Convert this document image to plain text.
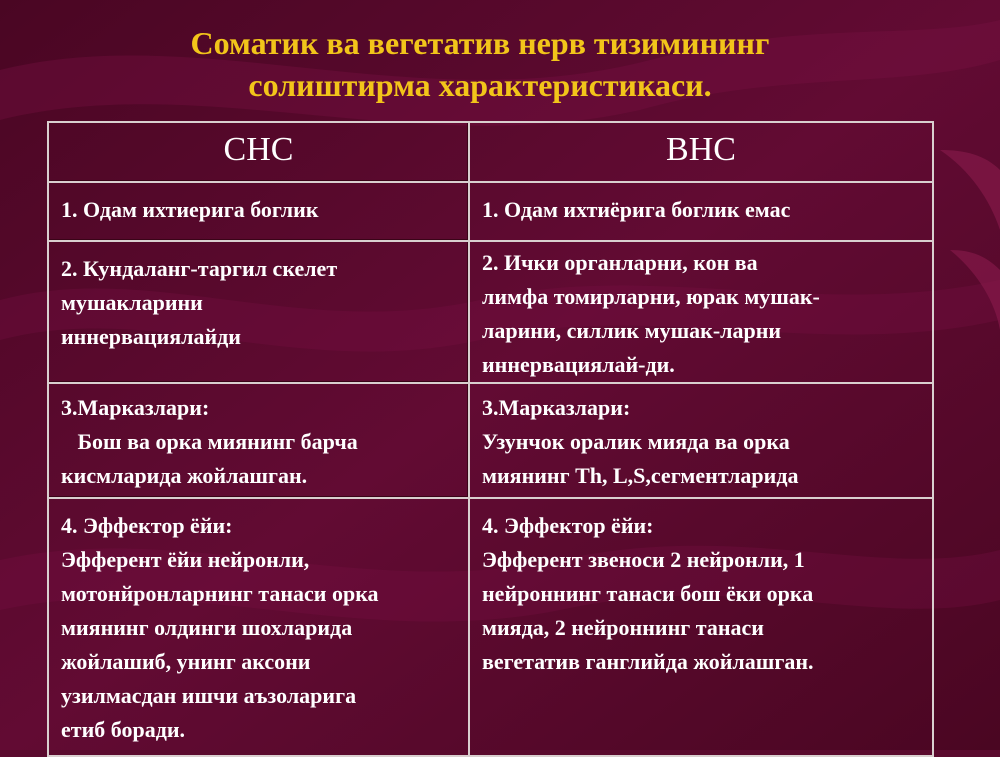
Соматик ва вегетатив нерв тизимининг
солиштирма характеристикаси.
СНС	ВНС
1. Одам ихтиерига боглик	1. Одам ихтиёрига боглик емас
2. Кундаланг-таргил скелет
мушакларини
иннервациялайди
2. Ички органларни, кон ва
лимфа томирларни, юрак мушак-
ларини, силлик мушак-ларни
иннервациялай-ди.
3.Марказлари:
Бош ва орка миянинг барча
кисмларида жойлашган.
3.Марказлари:
Узунчок оралик мияда ва орка
миянинг Th, L,S,сегментларида
4. Эффектор ёйи:
Эфферент ёйи нейронли,
мотонйронларнинг танаси орка
миянинг олдинги шохларида
жойлашиб, унинг аксони
узилмасдан ишчи аъзоларига
етиб боради.
4. Эффектор ёйи:
Эфферент звеноси 2 нейронли, 1
нейроннинг танаси бош ёки орка
мияда, 2 нейроннинг танаси
вегетатив ганглийда жойлашган.
